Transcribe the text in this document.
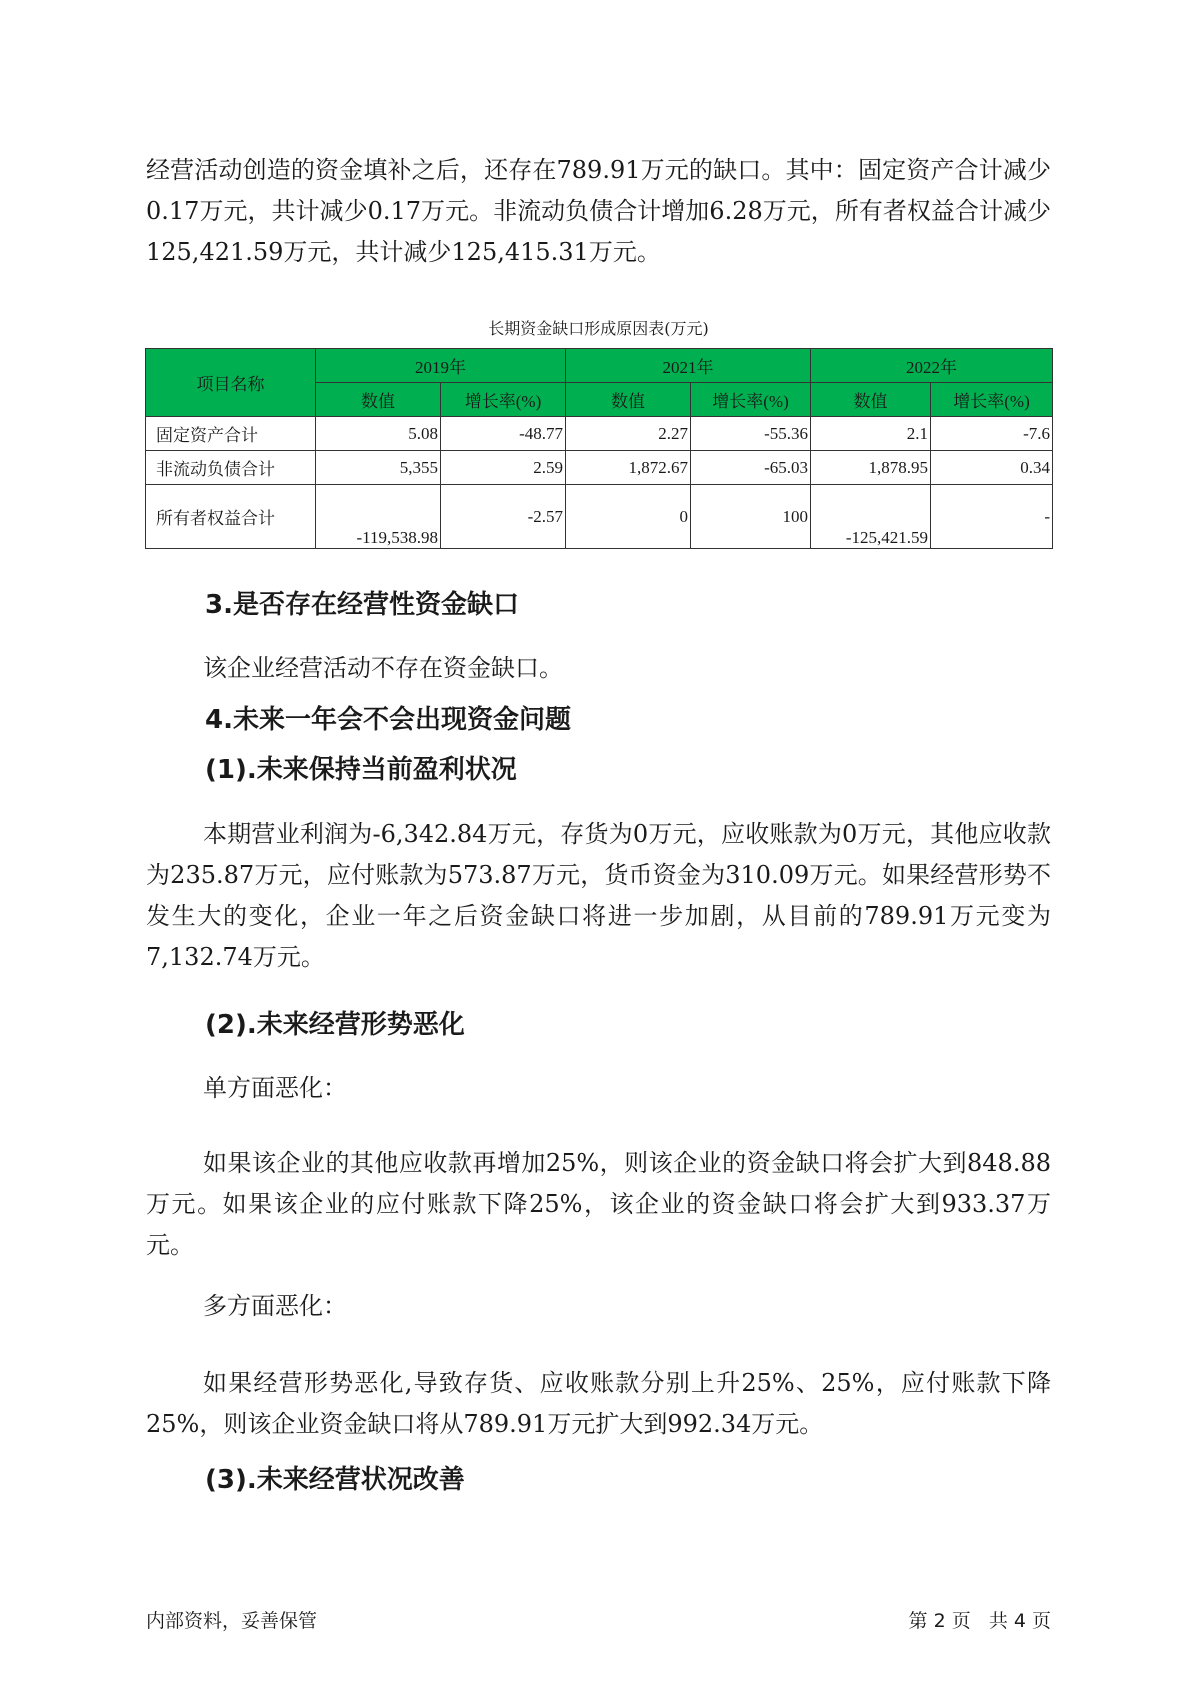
经营活动创造的资金填补之后，还存在789.91万元的缺口。其中：固定资产合计减少0.17万元，共计减少0.17万元。非流动负债合计增加6.28万元，所有者权益合计减少125,421.59万元，共计减少125,415.31万元。

长期资金缺口形成原因表(万元)
项目名称	2019年		2021年		2022年	
	数值	增长率(%)	数值	增长率(%)	数值	增长率(%)
固定资产合计	5.08	-48.77	2.27	-55.36	2.1	-7.6
非流动负债合计	5,355	2.59	1,872.67	-65.03	1,878.95	0.34
所有者权益合计	-119,538.98	-2.57	0	100	-125,421.59	-
3.是否存在经营性资金缺口

该企业经营活动不存在资金缺口。

4.未来一年会不会出现资金问题
(1).未来保持当前盈利状况

本期营业利润为-6,342.84万元，存货为0万元，应收账款为0万元，其他应收款为235.87万元，应付账款为573.87万元，货币资金为310.09万元。如果经营形势不发生大的变化，企业一年之后资金缺口将进一步加剧，从目前的789.91万元变为7,132.74万元。

(2).未来经营形势恶化

单方面恶化：

如果该企业的其他应收款再增加25%，则该企业的资金缺口将会扩大到848.88万元。如果该企业的应付账款下降25%，该企业的资金缺口将会扩大到933.37万元。

多方面恶化：

如果经营形势恶化,导致存货、应收账款分别上升25%、25%，应付账款下降25%，则该企业资金缺口将从789.91万元扩大到992.34万元。

(3).未来经营状况改善
内部资料，妥善保管	第 2 页   共 4 页
